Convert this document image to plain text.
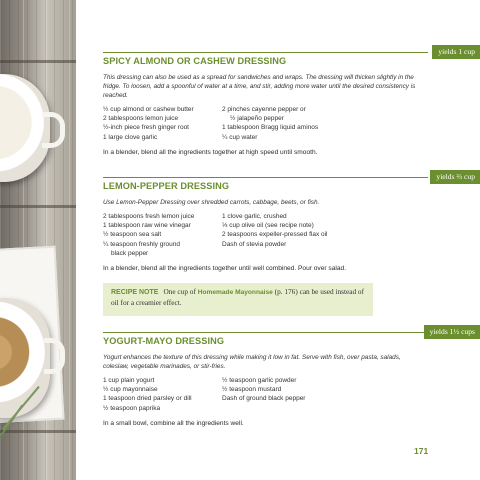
SPICY ALMOND OR CASHEW DRESSING
yields 1 cup
This dressing can also be used as a spread for sandwiches and wraps. The dressing will thicken slightly in the fridge. To loosen, add a spoonful of water at a time, and stir, adding more water until the desired consistency is reached.
½ cup almond or cashew butter
2 tablespoons lemon juice
½-inch piece fresh ginger root
1 large clove garlic
2 pinches cayenne pepper or
½ jalapeño pepper
1 tablespoon Bragg liquid aminos
¼ cup water
In a blender, blend all the ingredients together at high speed until smooth.
LEMON-PEPPER DRESSING
yields ⅔ cup
Use Lemon-Pepper Dressing over shredded carrots, cabbage, beets, or fish.
2 tablespoons fresh lemon juice
1 tablespoon raw wine vinegar
½ teaspoon sea salt
¼ teaspoon freshly ground
black pepper
1 clove garlic, crushed
⅓ cup olive oil (see recipe note)
2 teaspoons expeller-pressed flax oil
Dash of stevia powder
In a blender, blend all the ingredients together until well combined. Pour over salad.
RECIPE NOTE One cup of Homemade Mayonnaise (p. 176) can be used instead of oil for a creamier effect.
YOGURT-MAYO DRESSING
yields 1½ cups
Yogurt enhances the texture of this dressing while making it low in fat. Serve with fish, over pasta, salads, coleslaw, vegetable marinades, or stir-fries.
1 cup plain yogurt
½ cup mayonnaise
1 teaspoon dried parsley or dill
½ teaspoon paprika
½ teaspoon garlic powder
½ teaspoon mustard
Dash of ground black pepper
In a small bowl, combine all the ingredients well.
171
